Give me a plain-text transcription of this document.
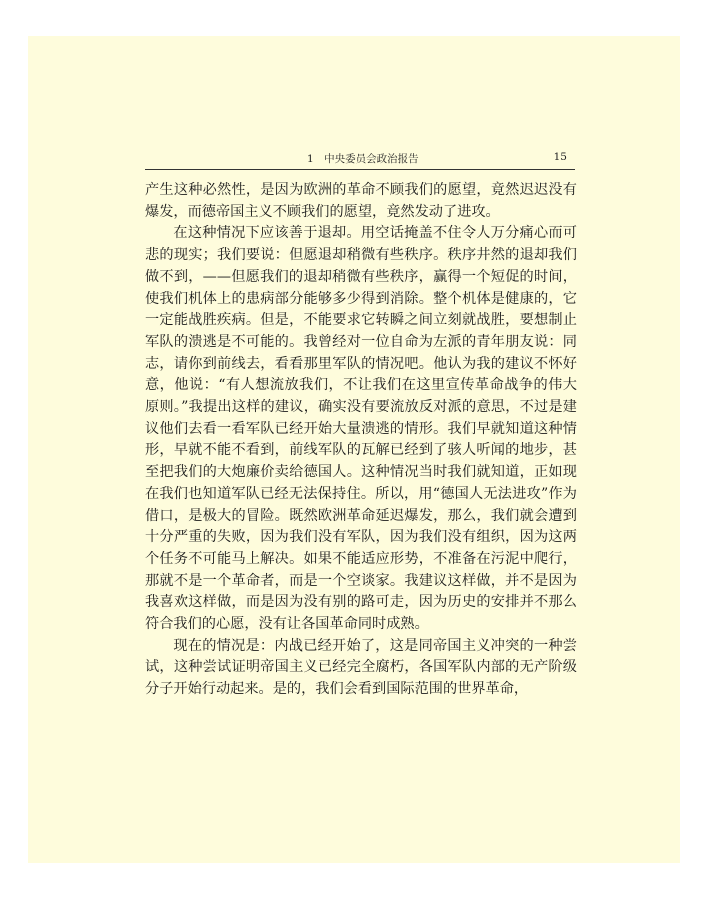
1　中央委员会政治报告	15

产生这种必然性，是因为欧洲的革命不顾我们的愿望，竟然迟迟没有爆发，而德帝国主义不顾我们的愿望，竟然发动了进攻。

在这种情况下应该善于退却。用空话掩盖不住令人万分痛心而可悲的现实；我们要说：但愿退却稍微有些秩序。秩序井然的退却我们做不到，——但愿我们的退却稍微有些秩序，赢得一个短促的时间，使我们机体上的患病部分能够多少得到消除。整个机体是健康的，它一定能战胜疾病。但是，不能要求它转瞬之间立刻就战胜，要想制止军队的溃逃是不可能的。我曾经对一位自命为左派的青年朋友说：同志，请你到前线去，看看那里军队的情况吧。他认为我的建议不怀好意，他说：“有人想流放我们，不让我们在这里宣传革命战争的伟大原则。”我提出这样的建议，确实没有要流放反对派的意思，不过是建议他们去看一看军队已经开始大量溃逃的情形。我们早就知道这种情形，早就不能不看到，前线军队的瓦解已经到了骇人听闻的地步，甚至把我们的大炮廉价卖给德国人。这种情况当时我们就知道，正如现在我们也知道军队已经无法保持住。所以，用“德国人无法进攻”作为借口，是极大的冒险。既然欧洲革命延迟爆发，那么，我们就会遭到十分严重的失败，因为我们没有军队，因为我们没有组织，因为这两个任务不可能马上解决。如果不能适应形势，不准备在污泥中爬行，那就不是一个革命者，而是一个空谈家。我建议这样做，并不是因为我喜欢这样做，而是因为没有别的路可走，因为历史的安排并不那么符合我们的心愿，没有让各国革命同时成熟。

现在的情况是：内战已经开始了，这是同帝国主义冲突的一种尝试，这种尝试证明帝国主义已经完全腐朽，各国军队内部的无产阶级分子开始行动起来。是的，我们会看到国际范围的世界革命，
